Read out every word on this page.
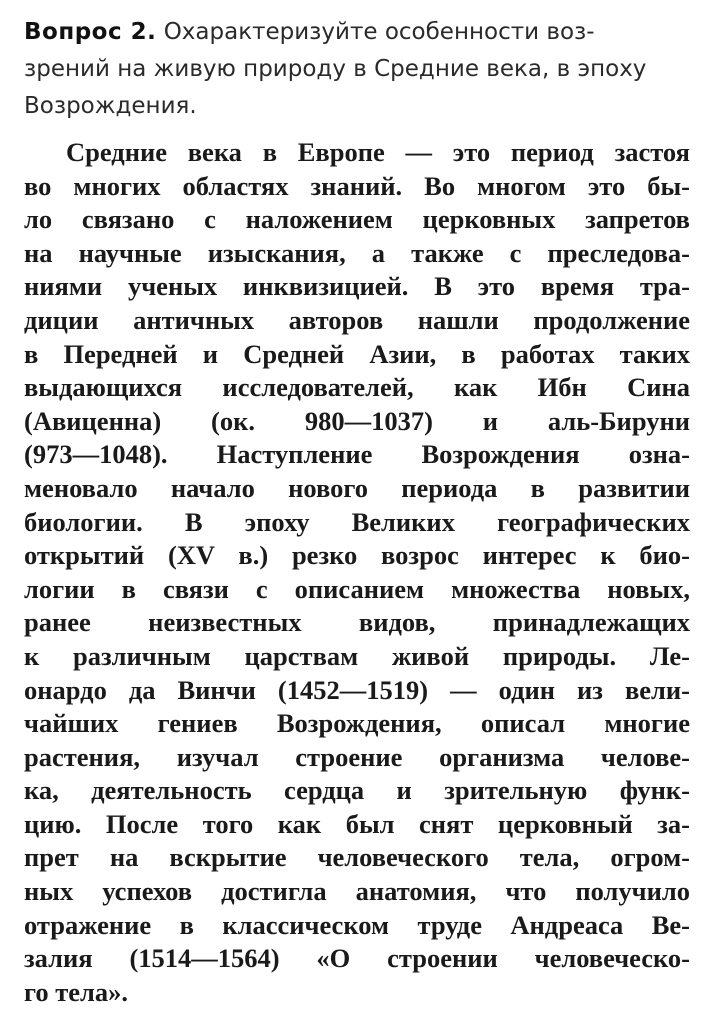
Вопрос 2. Охарактеризуйте особенности воз-
зрений на живую природу в Средние века, в эпоху
Возрождения.
Средние века в Европе — это период застоя
во многих областях знаний. Во многом это бы-
ло связано с наложением церковных запретов
на научные изыскания, а также с преследова-
ниями ученых инквизицией. В это время тра-
диции античных авторов нашли продолжение
в Передней и Средней Азии, в работах таких
выдающихся исследователей, как Ибн Сина
(Авиценна) (ок. 980—1037) и аль-Бируни
(973—1048). Наступление Возрождения озна-
меновало начало нового периода в развитии
биологии. В эпоху Великих географических
открытий (XV в.) резко возрос интерес к био-
логии в связи с описанием множества новых,
ранее неизвестных видов, принадлежащих
к различным царствам живой природы. Ле-
онардо да Винчи (1452—1519) — один из вели-
чайших гениев Возрождения, описал многие
растения, изучал строение организма челове-
ка, деятельность сердца и зрительную функ-
цию. После того как был снят церковный за-
прет на вскрытие человеческого тела, огром-
ных успехов достигла анатомия, что получило
отражение в классическом труде Андреаса Ве-
залия (1514—1564) «О строении человеческо-
го тела».
